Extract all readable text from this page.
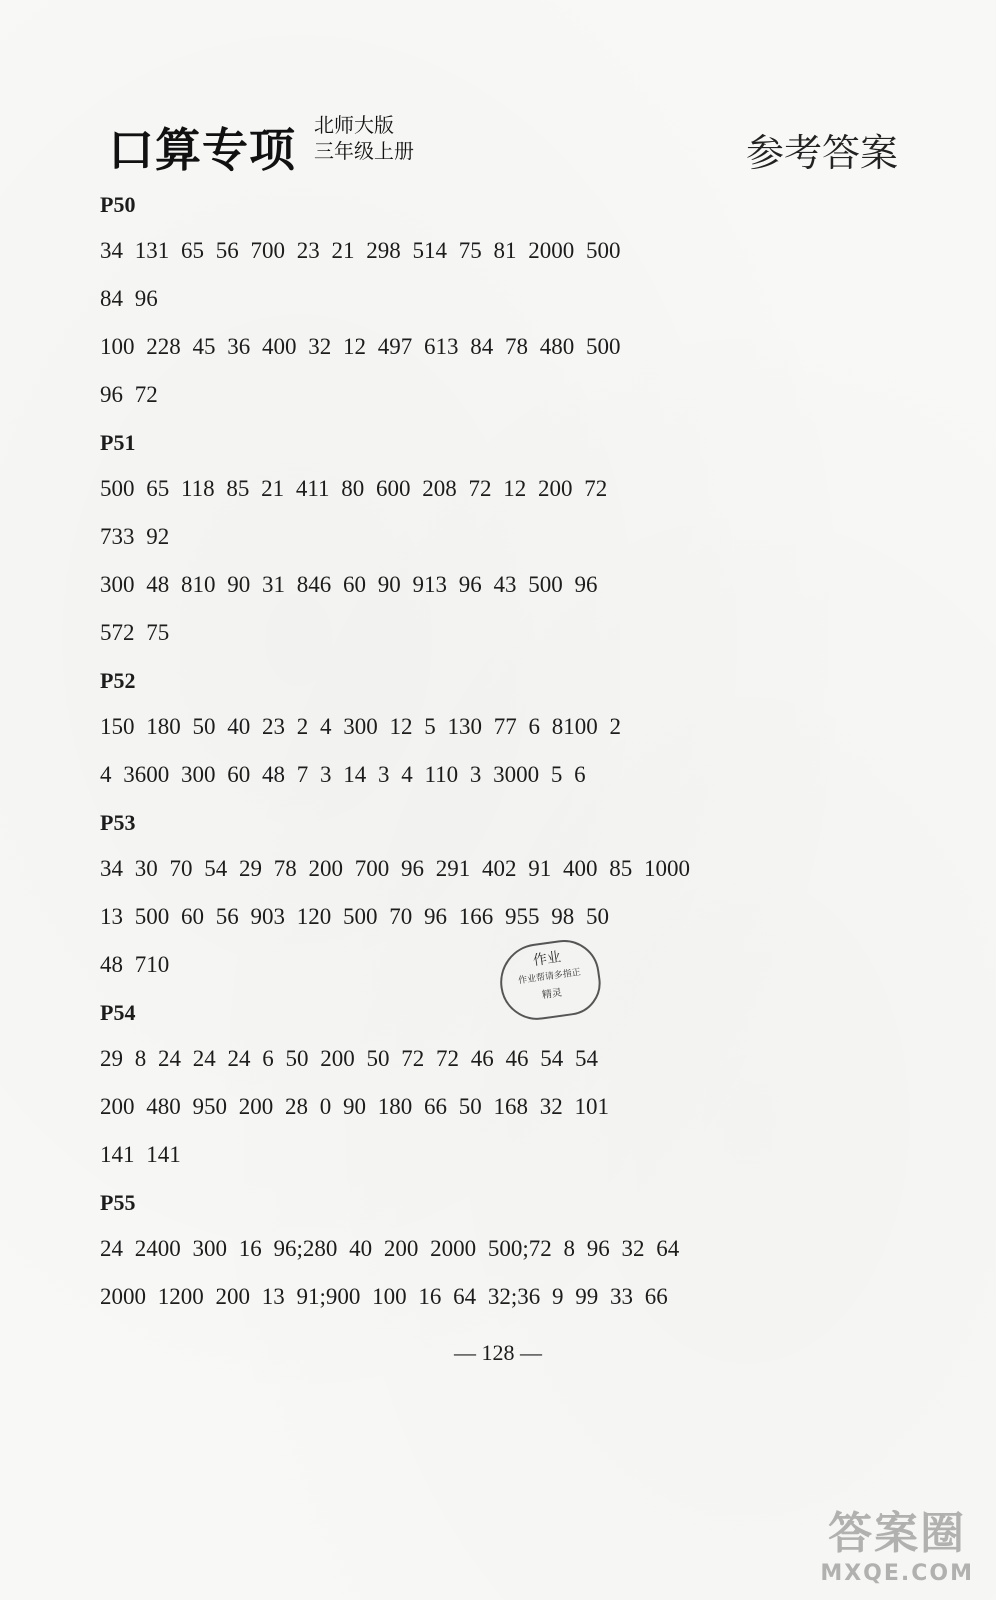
口算专项 北师大版
三年级上册	参考答案
P50
34 131 65 56 700 23 21 298 514 75 81 2000 500
84 96
100 228 45 36 400 32 12 497 613 84 78 480 500
96 72
P51
500 65 118 85 21 411 80 600 208 72 12 200 72
733 92
300 48 810 90 31 846 60 90 913 96 43 500 96
572 75
P52
150 180 50 40 23 2 4 300 12 5 130 77 6 8100 2
4 3600 300 60 48 7 3 14 3 4 110 3 3000 5 6
P53
34 30 70 54 29 78 200 700 96 291 402 91 400 85 1000
13 500 60 56 903 120 500 70 96 166 955 98 50
48 710
P54
29 8 24 24 24 6 50 200 50 72 72 46 46 54 54
200 480 950 200 28 0 90 180 66 50 168 32 101
141 141
P55
24 2400 300 16 96;280 40 200 2000 500;72 8 96 32 64
2000 1200 200 13 91;900 100 16 64 32;36 9 99 33 66
作业
作业帮请多指正
精灵
— 128 —
答案圈
MXQE.COM
